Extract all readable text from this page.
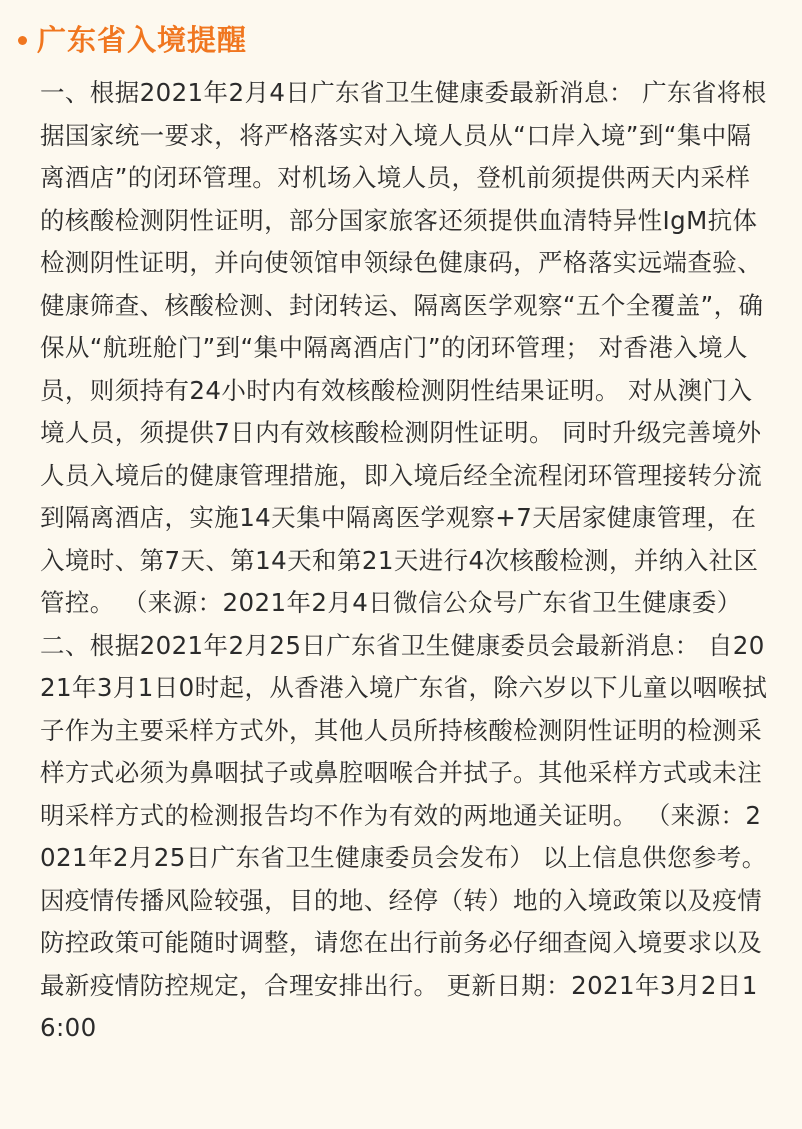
广东省入境提醒
一、根据2021年2月4日广东省卫生健康委最新消息： 广东省将根据国家统一要求，将严格落实对入境人员从“口岸入境”到“集中隔离酒店”的闭环管理。对机场入境人员，登机前须提供两天内采样的核酸检测阴性证明，部分国家旅客还须提供血清特异性IgM抗体检测阴性证明，并向使领馆申领绿色健康码，严格落实远端查验、健康筛查、核酸检测、封闭转运、隔离医学观察“五个全覆盖”，确保从“航班舱门”到“集中隔离酒店门”的闭环管理； 对香港入境人员，则须持有24小时内有效核酸检测阴性结果证明。 对从澳门入境人员，须提供7日内有效核酸检测阴性证明。 同时升级完善境外人员入境后的健康管理措施，即入境后经全流程闭环管理接转分流到隔离酒店，实施14天集中隔离医学观察+7天居家健康管理，在入境时、第7天、第14天和第21天进行4次核酸检测，并纳入社区管控。 （来源：2021年2月4日微信公众号广东省卫生健康委） 二、根据2021年2月25日广东省卫生健康委员会最新消息： 自2021年3月1日0时起，从香港入境广东省，除六岁以下儿童以咽喉拭子作为主要采样方式外，其他人员所持核酸检测阴性证明的检测采样方式必须为鼻咽拭子或鼻腔咽喉合并拭子。其他采样方式或未注明采样方式的检测报告均不作为有效的两地通关证明。 （来源：2021年2月25日广东省卫生健康委员会发布） 以上信息供您参考。因疫情传播风险较强，目的地、经停（转）地的入境政策以及疫情防控政策可能随时调整，请您在出行前务必仔细查阅入境要求以及最新疫情防控规定，合理安排出行。 更新日期：2021年3月2日16:00
